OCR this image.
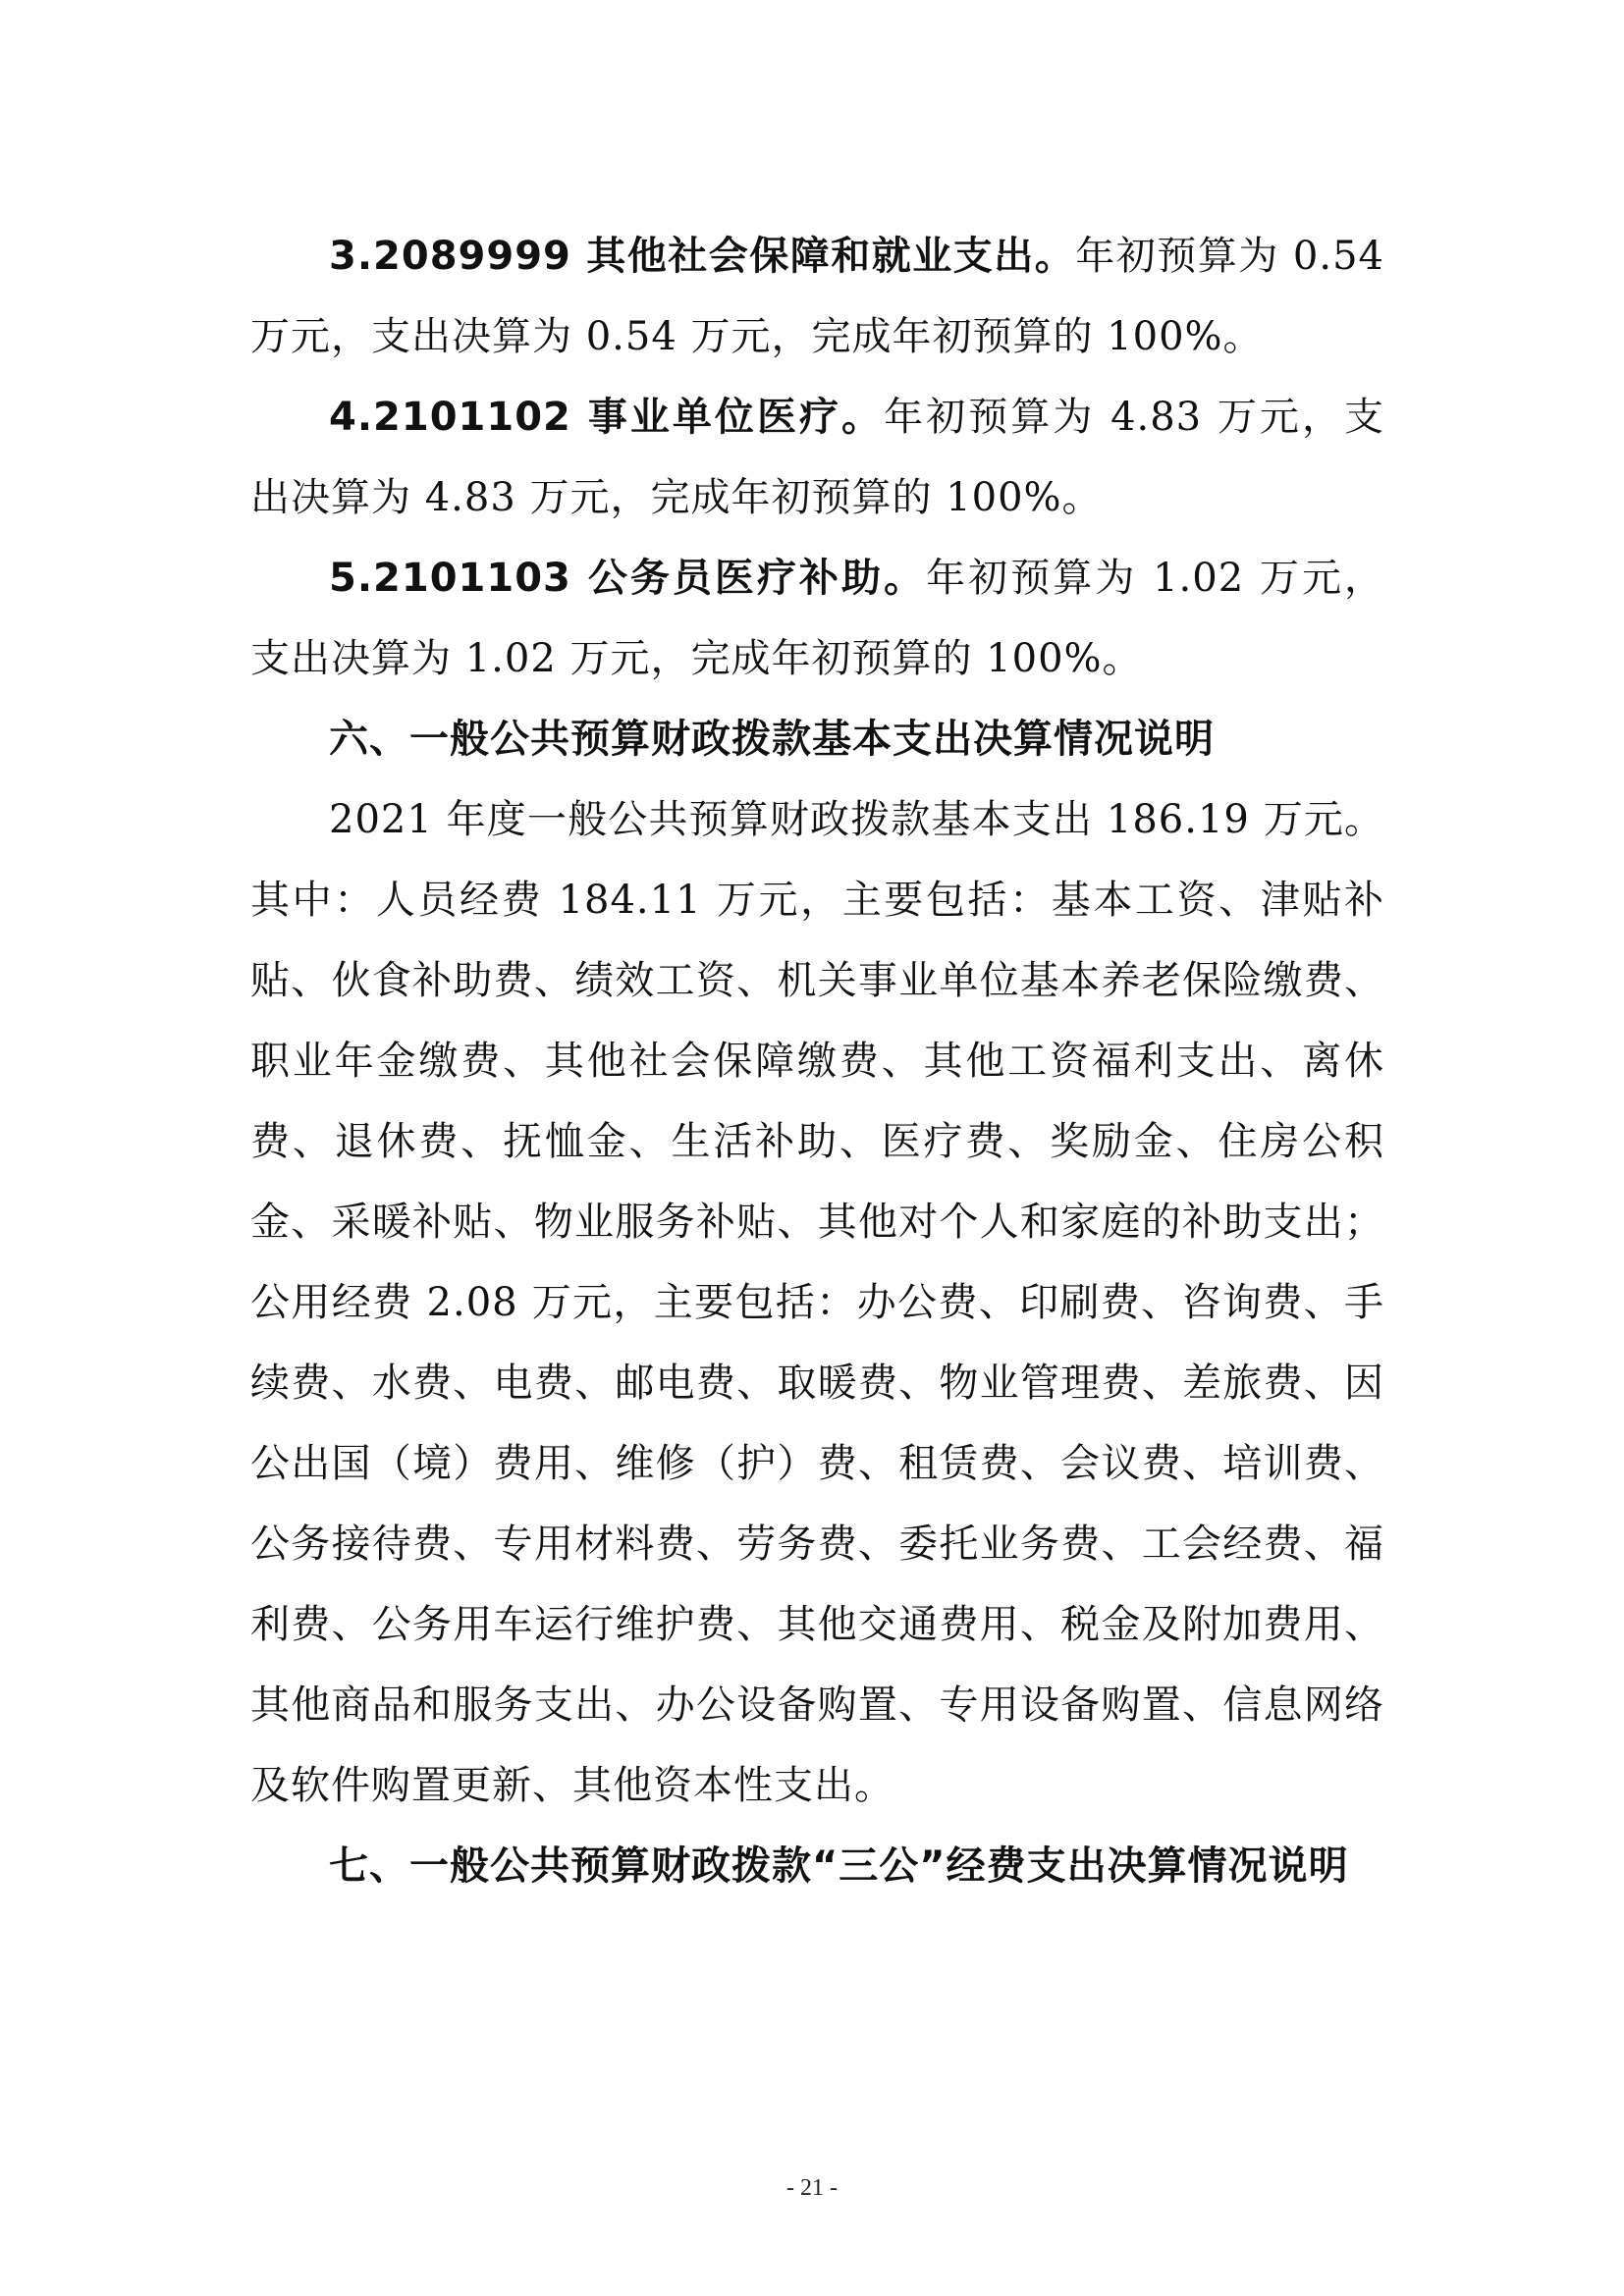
3.2089999 其他社会保障和就业支出。年初预算为 0.54 万元，支出决算为 0.54 万元，完成年初预算的 100%。

4.2101102 事业单位医疗。年初预算为 4.83 万元，支出决算为 4.83 万元，完成年初预算的 100%。

5.2101103 公务员医疗补助。年初预算为 1.02 万元，支出决算为 1.02 万元，完成年初预算的 100%。

六、一般公共预算财政拨款基本支出决算情况说明

2021 年度一般公共预算财政拨款基本支出 186.19 万元。其中：人员经费 184.11 万元，主要包括：基本工资、津贴补贴、伙食补助费、绩效工资、机关事业单位基本养老保险缴费、职业年金缴费、其他社会保障缴费、其他工资福利支出、离休费、退休费、抚恤金、生活补助、医疗费、奖励金、住房公积金、采暖补贴、物业服务补贴、其他对个人和家庭的补助支出；公用经费 2.08 万元，主要包括：办公费、印刷费、咨询费、手续费、水费、电费、邮电费、取暖费、物业管理费、差旅费、因公出国（境）费用、维修（护）费、租赁费、会议费、培训费、公务接待费、专用材料费、劳务费、委托业务费、工会经费、福利费、公务用车运行维护费、其他交通费用、税金及附加费用、其他商品和服务支出、办公设备购置、专用设备购置、信息网络及软件购置更新、其他资本性支出。

七、一般公共预算财政拨款“三公”经费支出决算情况说明

- 21 -
